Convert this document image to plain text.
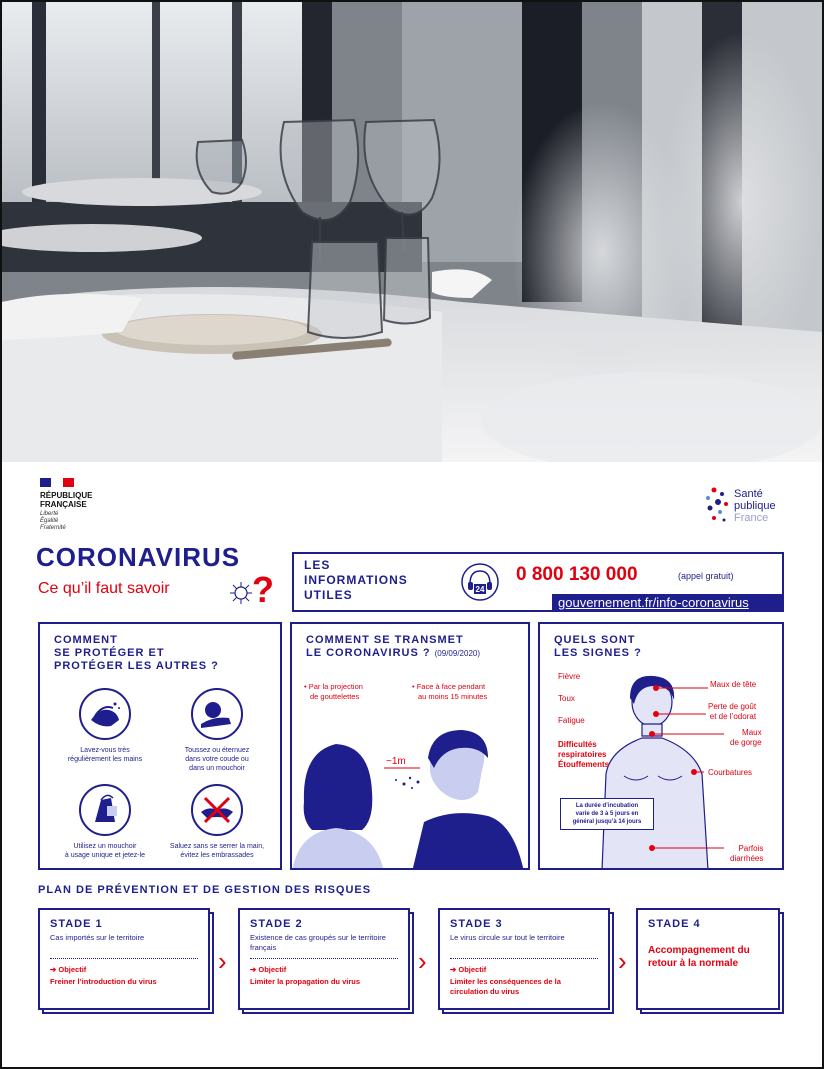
RÉPUBLIQUE
FRANÇAISE
Liberté
Égalité
Fraternité
Santé
publique
France
CORONAVIRUS
Ce qu’il faut savoir ?
LES
INFORMATIONS
UTILES	24
0 800 130 000	(appel gratuit)
gouvernement.fr/info-coronavirus
COMMENT
SE PROTÉGER ET
PROTÉGER LES AUTRES ?
Lavez-vous très
régulièrement les mains
Toussez ou éternuez
dans votre coude ou
dans un mouchoir
Utilisez un mouchoir
à usage unique et jetez-le
Saluez sans se serrer la main,
évitez les embrassades
COMMENT SE TRANSMET
LE CORONAVIRUS ? (09/09/2020)
• Par la projection
de gouttelettes
• Face à face pendant
au moins 15 minutes
~1m
QUELS SONT
LES SIGNES ?
Fièvre
Toux
Fatigue
Difficultés
respiratoires
Étouffements
Maux de tête
Perte de goût
et de l’odorat
Maux
de gorge
Courbatures
Parfois
diarrhées
La durée d’incubation
varie de 3 à 5 jours en
général jusqu’à 14 jours
PLAN DE PRÉVENTION ET DE GESTION DES RISQUES
STADE 1
Cas importés sur le territoire
➔ Objectif
Freiner l’introduction du virus
›
STADE 2
Existence de cas groupés sur le territoire français
➔ Objectif
Limiter la propagation du virus
›
STADE 3
Le virus circule sur tout le territoire
➔ Objectif
Limiter les conséquences de la circulation du virus
›
STADE 4
Accompagnement du retour à la normale
